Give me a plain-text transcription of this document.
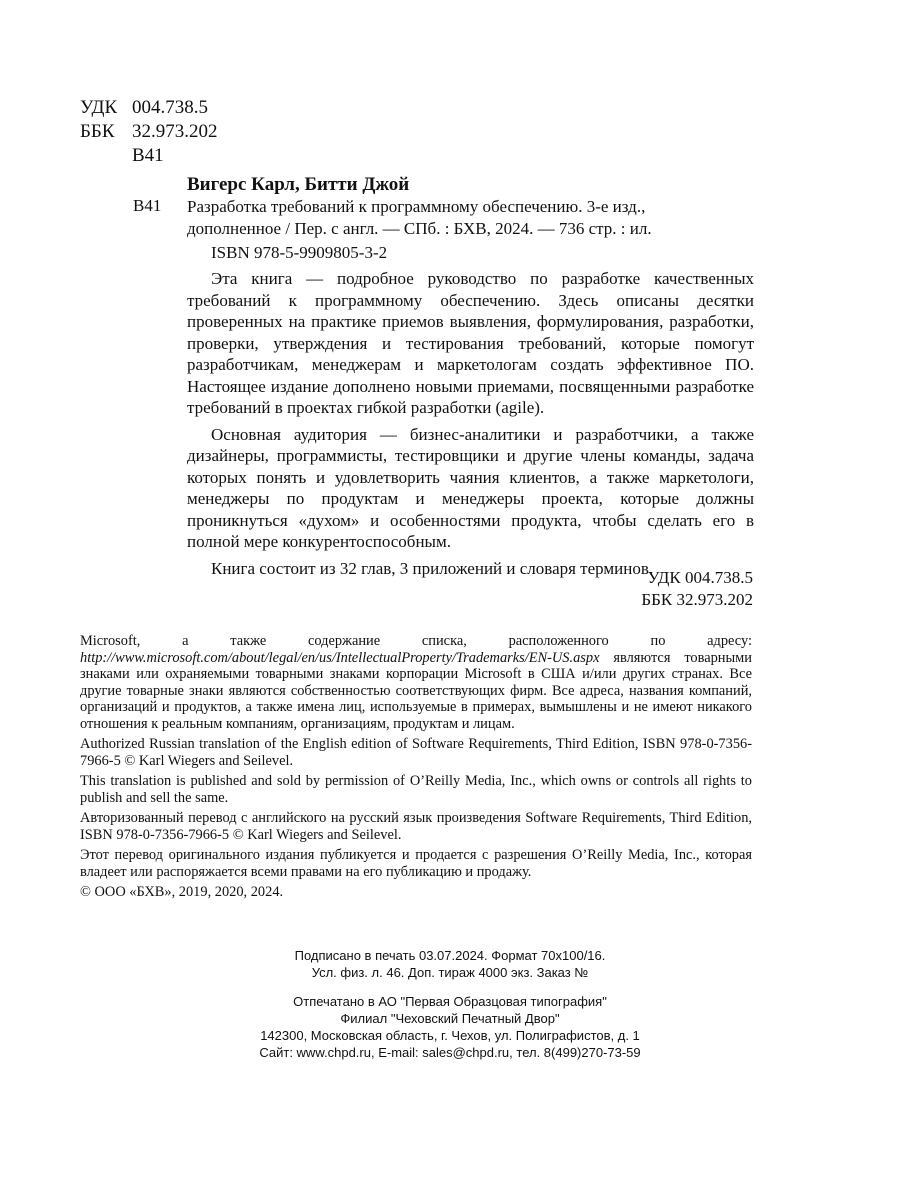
УДК 004.738.5
ББК 32.973.202
В41
Вигерс Карл, Битти Джой
В41 Разработка требований к программному обеспечению. 3-е изд.,
дополненное / Пер. с англ. — СПб. : БХВ, 2024. — 736 стр. : ил.
ISBN 978-5-9909805-3-2

Эта книга — подробное руководство по разработке качественных требований к программному обеспечению. Здесь описаны десятки проверенных на практике приемов выявления, формулирования, разработки, проверки, утверждения и тестирования требований, которые помогут разработчикам, менеджерам и маркетологам создать эффективное ПО. Настоящее издание дополнено новыми приемами, посвященными разработке требований в проектах гибкой разработки (agile).

Основная аудитория — бизнес-аналитики и разработчики, а также дизайнеры, программисты, тестировщики и другие члены команды, задача которых понять и удовлетворить чаяния клиентов, а также маркетологи, менеджеры по продуктам и менеджеры проекта, которые должны проникнуться «духом» и особенностями продукта, чтобы сделать его в полной мере конкурентоспособным.

Книга состоит из 32 глав, 3 приложений и словаря терминов.

УДК 004.738.5
ББК 32.973.202

Microsoft, а также содержание списка, расположенного по адресу: http://www.microsoft.com/about/legal/en/us/IntellectualProperty/Trademarks/EN-US.aspx являются товарными знаками или охраняемыми товарными знаками корпорации Microsoft в США и/или других странах. Все другие товарные знаки являются собственностью соответствующих фирм. Все адреса, названия компаний, организаций и продуктов, а также имена лиц, используемые в примерах, вымышлены и не имеют никакого отношения к реальным компаниям, организациям, продуктам и лицам.

Authorized Russian translation of the English edition of Software Requirements, Third Edition, ISBN 978-0-7356-7966-5 © Karl Wiegers and Seilevel.

This translation is published and sold by permission of O’Reilly Media, Inc., which owns or controls all rights to publish and sell the same.

Авторизованный перевод с английского на русский язык произведения Software Requirements, Third Edition, ISBN 978-0-7356-7966-5 © Karl Wiegers and Seilevel.

Этот перевод оригинального издания публикуется и продается с разрешения O’Reilly Media, Inc., которая владеет или распоряжается всеми правами на его публикацию и продажу.

© ООО «БХВ», 2019, 2020, 2024.

Подписано в печать 03.07.2024. Формат 70х100/16.
Усл. физ. л. 46. Доп. тираж 4000 экз. Заказ №
Отпечатано в АО "Первая Образцовая типография"
Филиал "Чеховский Печатный Двор"
142300, Московская область, г. Чехов, ул. Полиграфистов, д. 1
Сайт: www.chpd.ru, E-mail: sales@chpd.ru, тел. 8(499)270-73-59
